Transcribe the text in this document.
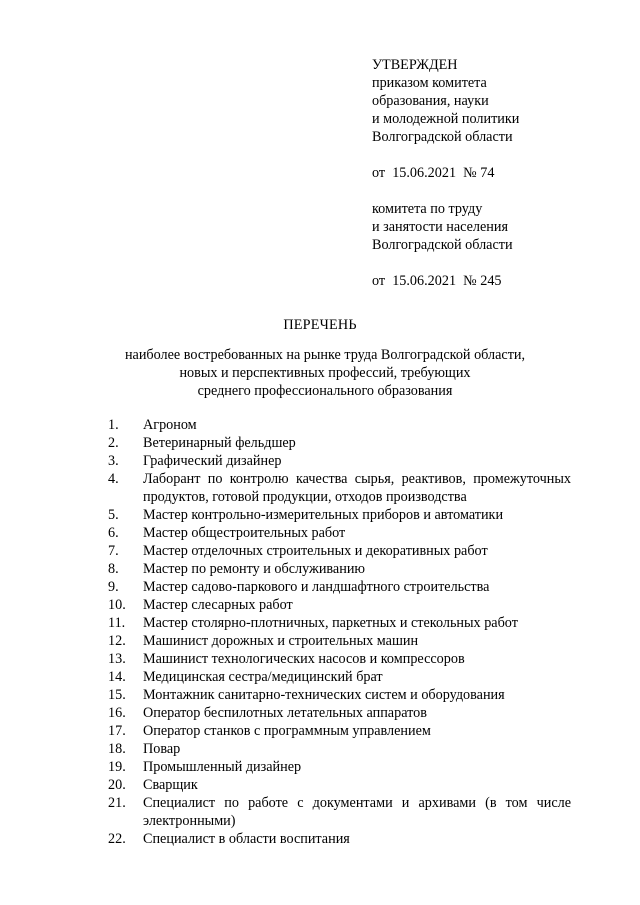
УТВЕРЖДЕН
приказом комитета
образования, науки
и молодежной политики
Волгоградской области
от  15.06.2021  № 74
комитета по труду
и занятости населения
Волгоградской области
от  15.06.2021  № 245
ПЕРЕЧЕНЬ
наиболее востребованных на рынке труда Волгоградской области,
новых и перспективных профессий, требующих
среднего профессионального образования
1.	Агроном
2.	Ветеринарный фельдшер
3.	Графический дизайнер
4.	Лаборант по контролю качества сырья, реактивов, промежуточных продуктов, готовой продукции, отходов производства
5.	Мастер контрольно-измерительных приборов и автоматики
6.	Мастер общестроительных работ
7.	Мастер отделочных строительных и декоративных работ
8.	Мастер по ремонту и обслуживанию
9.	Мастер садово-паркового и ландшафтного строительства
10.	Мастер слесарных работ
11.	Мастер столярно-плотничных, паркетных и стекольных работ
12.	Машинист дорожных и строительных машин
13.	Машинист технологических насосов и компрессоров
14.	Медицинская сестра/медицинский брат
15.	Монтажник санитарно-технических систем и оборудования
16.	Оператор беспилотных летательных аппаратов
17.	Оператор станков с программным управлением
18.	Повар
19.	Промышленный дизайнер
20.	Сварщик
21.	Специалист по работе с документами и архивами (в том числе электронными)
22.	Специалист в области воспитания
